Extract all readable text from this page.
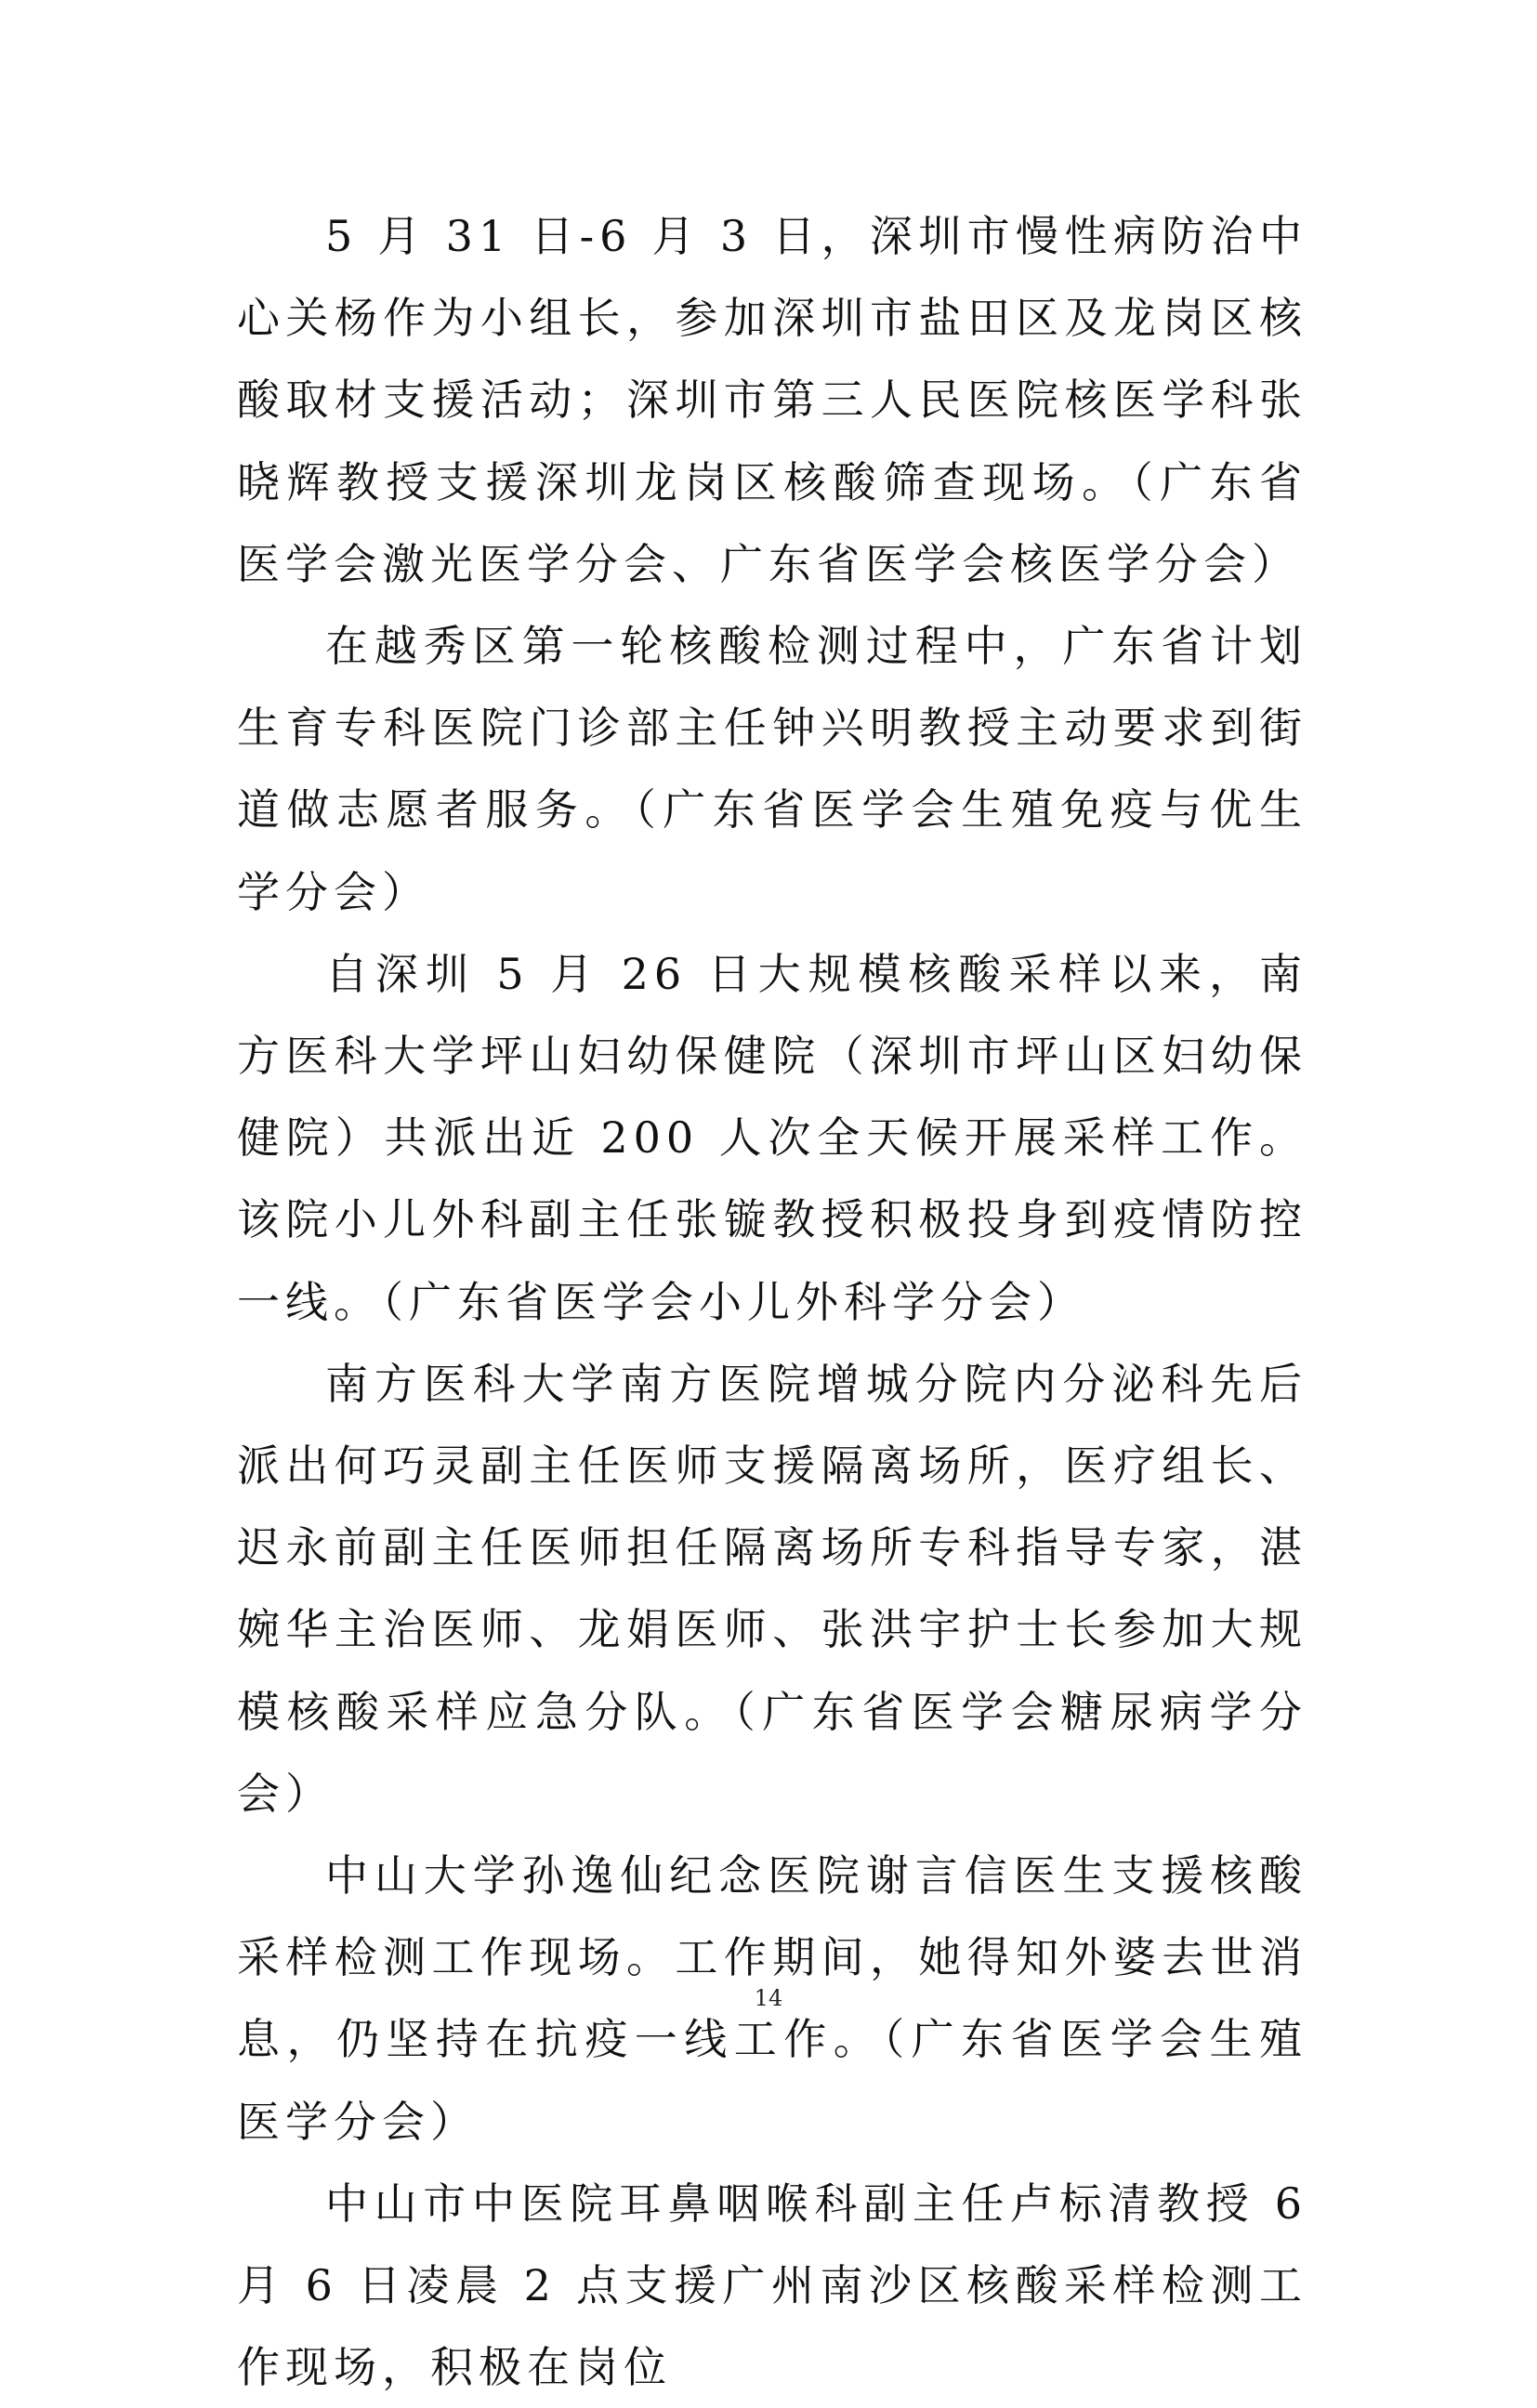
5 月 31 日-6 月 3 日，深圳市慢性病防治中心关杨作为小组长，参加深圳市盐田区及龙岗区核酸取材支援活动；深圳市第三人民医院核医学科张晓辉教授支援深圳龙岗区核酸筛查现场。（广东省医学会激光医学分会、广东省医学会核医学分会）

在越秀区第一轮核酸检测过程中，广东省计划生育专科医院门诊部主任钟兴明教授主动要求到街道做志愿者服务。（广东省医学会生殖免疫与优生学分会）

自深圳 5 月 26 日大规模核酸采样以来，南方医科大学坪山妇幼保健院（深圳市坪山区妇幼保健院）共派出近 200 人次全天候开展采样工作。该院小儿外科副主任张镟教授积极投身到疫情防控一线。（广东省医学会小儿外科学分会）

南方医科大学南方医院增城分院内分泌科先后派出何巧灵副主任医师支援隔离场所，医疗组长、迟永前副主任医师担任隔离场所专科指导专家，湛婉华主治医师、龙娟医师、张洪宇护士长参加大规模核酸采样应急分队。（广东省医学会糖尿病学分会）

中山大学孙逸仙纪念医院谢言信医生支援核酸采样检测工作现场。工作期间，她得知外婆去世消息，仍坚持在抗疫一线工作。（广东省医学会生殖医学分会）

中山市中医院耳鼻咽喉科副主任卢标清教授 6 月 6 日凌晨 2 点支援广州南沙区核酸采样检测工作现场，积极在岗位

14
